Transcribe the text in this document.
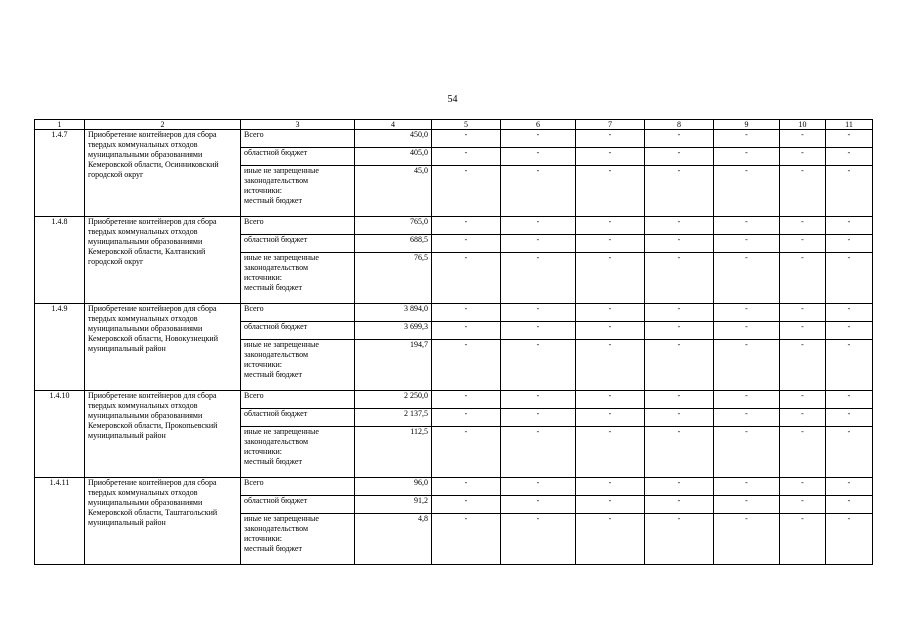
54
1	2	3	4	5	6	7	8	9	10	11
1.4.7	Приобретение контейнеров для сбора твердых коммунальных отходов муниципальными образованиями Кемеровской области, Осинниковский городской округ	Всего	450,0	-	-	-	-	-	-	-
		областной бюджет	405,0	-	-	-	-	-	-	-

		иные не запрещенные
законодательством
источники:
местный бюджет	45,0	-	-	-	-	-	-	-
1.4.8	Приобретение контейнеров для сбора твердых коммунальных отходов муниципальными образованиями Кемеровской области, Калтанский городской округ	Всего	765,0	-	-	-	-	-	-	-
		областной бюджет	688,5	-	-	-	-	-	-	-

		иные не запрещенные
законодательством
источники:
местный бюджет	76,5	-	-	-	-	-	-	-
1.4.9	Приобретение контейнеров для сбора твердых коммунальных отходов муниципальными образованиями Кемеровской области, Новокузнецкий муниципальный район	Всего	3 894,0	-	-	-	-	-	-	-
		областной бюджет	3 699,3	-	-	-	-	-	-	-

		иные не запрещенные
законодательством
источники:
местный бюджет	194,7	-	-	-	-	-	-	-
1.4.10	Приобретение контейнеров для сбора твердых коммунальных отходов муниципальными образованиями Кемеровской области, Прокопьевский муниципальный район	Всего	2 250,0	-	-	-	-	-	-	-
		областной бюджет	2 137,5	-	-	-	-	-	-	-

		иные не запрещенные
законодательством
источники:
местный бюджет	112,5	-	-	-	-	-	-	-
1.4.11	Приобретение контейнеров для сбора твердых коммунальных отходов муниципальными образованиями Кемеровской области, Таштагольский муниципальный район	Всего	96,0	-	-	-	-	-	-	-
		областной бюджет	91,2	-	-	-	-	-	-	-

		иные не запрещенные
законодательством
источники:
местный бюджет	4,8	-	-	-	-	-	-	-
